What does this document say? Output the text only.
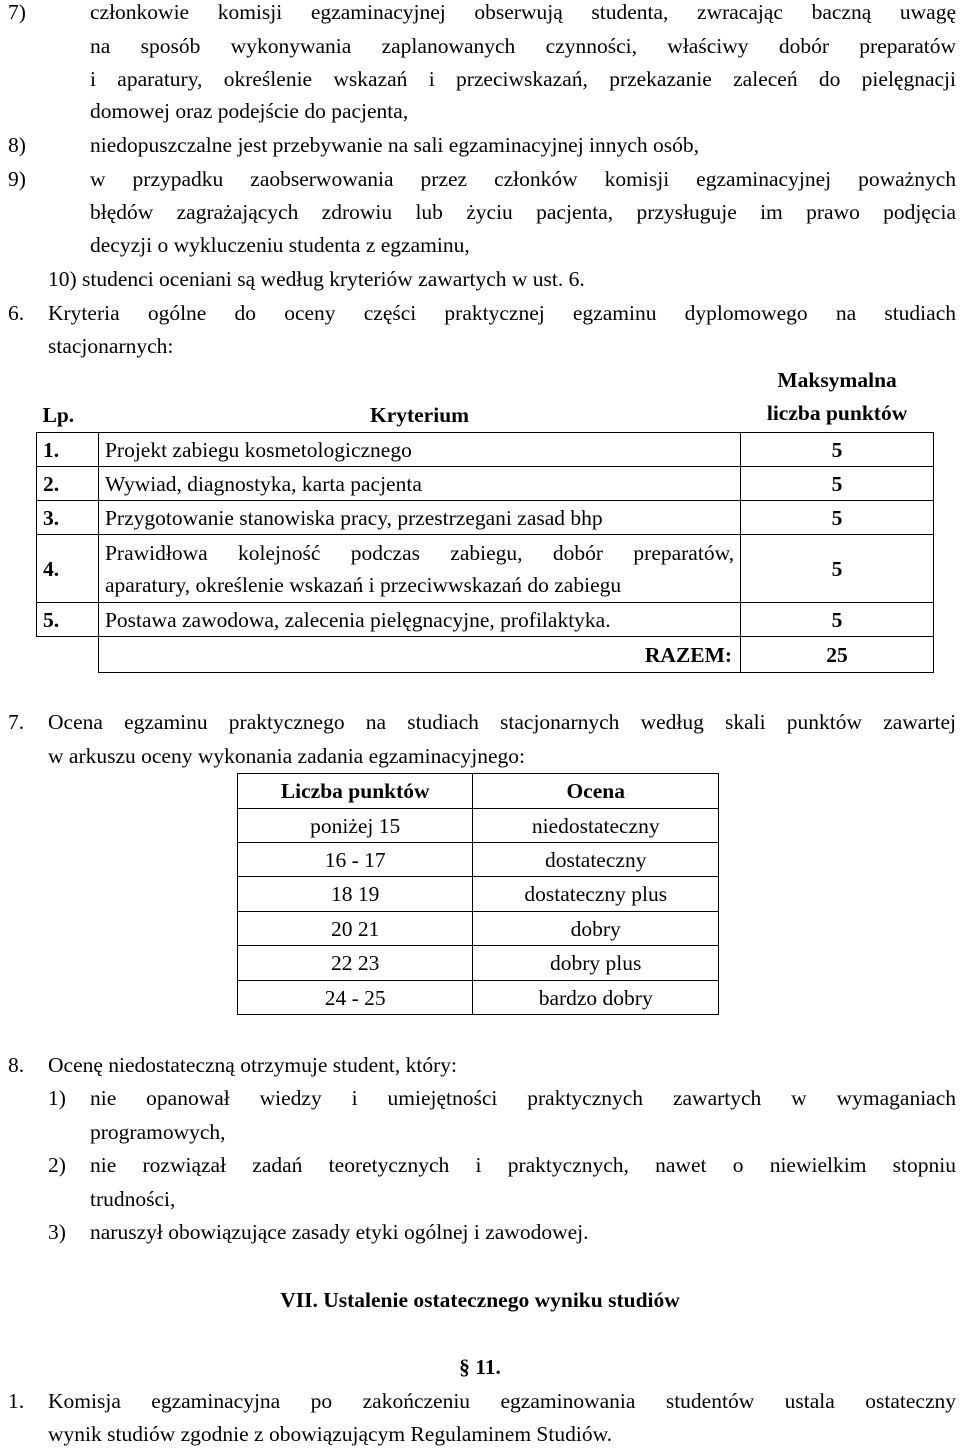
7)	członkowie komisji egzaminacyjnej obserwują studenta, zwracając baczną uwagę
na sposób wykonywania zaplanowanych czynności, właściwy dobór preparatów
i aparatury, określenie wskazań i przeciwskazań, przekazanie zaleceń do pielęgnacji
domowej oraz podejście do pacjenta,
8)	niedopuszczalne jest przebywanie na sali egzaminacyjnej innych osób,
9)	w przypadku zaobserwowania przez członków komisji egzaminacyjnej poważnych
błędów zagrażających zdrowiu lub życiu pacjenta, przysługuje im prawo podjęcia
decyzji o wykluczeniu studenta z egzaminu,
10) studenci oceniani są według kryteriów zawartych w ust. 6.
6. Kryteria ogólne do oceny części praktycznej egzaminu dyplomowego na studiach
stacjonarnych:
Lp.	Kryterium	Maksymalna
liczba punktów

1.	Projekt zabiegu kosmetologicznego	5
2.	Wywiad, diagnostyka, karta pacjenta	5
3.	Przygotowanie stanowiska pracy, przestrzegani zasad bhp	5
4.	Prawidłowa kolejność podczas zabiegu, dobór preparatów,
aparatury, określenie wskazań i przeciwwskazań do zabiegu	5
5.	Postawa zawodowa, zalecenia pielęgnacyjne, profilaktyka.	5
	RAZEM:	25
7. Ocena egzaminu praktycznego na studiach stacjonarnych według skali punktów zawartej
w arkuszu oceny wykonania zadania egzaminacyjnego:
Liczba punktów	Ocena
poniżej 15	niedostateczny
16 - 17	dostateczny
18 19	dostateczny plus
20 21	dobry
22 23	dobry plus
24 - 25	bardzo dobry
8. Ocenę niedostateczną otrzymuje student, który:
1) nie opanował wiedzy i umiejętności praktycznych zawartych w wymaganiach
programowych,
2) nie rozwiązał zadań teoretycznych i praktycznych, nawet o niewielkim stopniu
trudności,
3) naruszył obowiązujące zasady etyki ogólnej i zawodowej.
VII. Ustalenie ostatecznego wyniku studiów
§ 11.
1. Komisja egzaminacyjna po zakończeniu egzaminowania studentów ustala ostateczny
wynik studiów zgodnie z obowiązującym Regulaminem Studiów.
